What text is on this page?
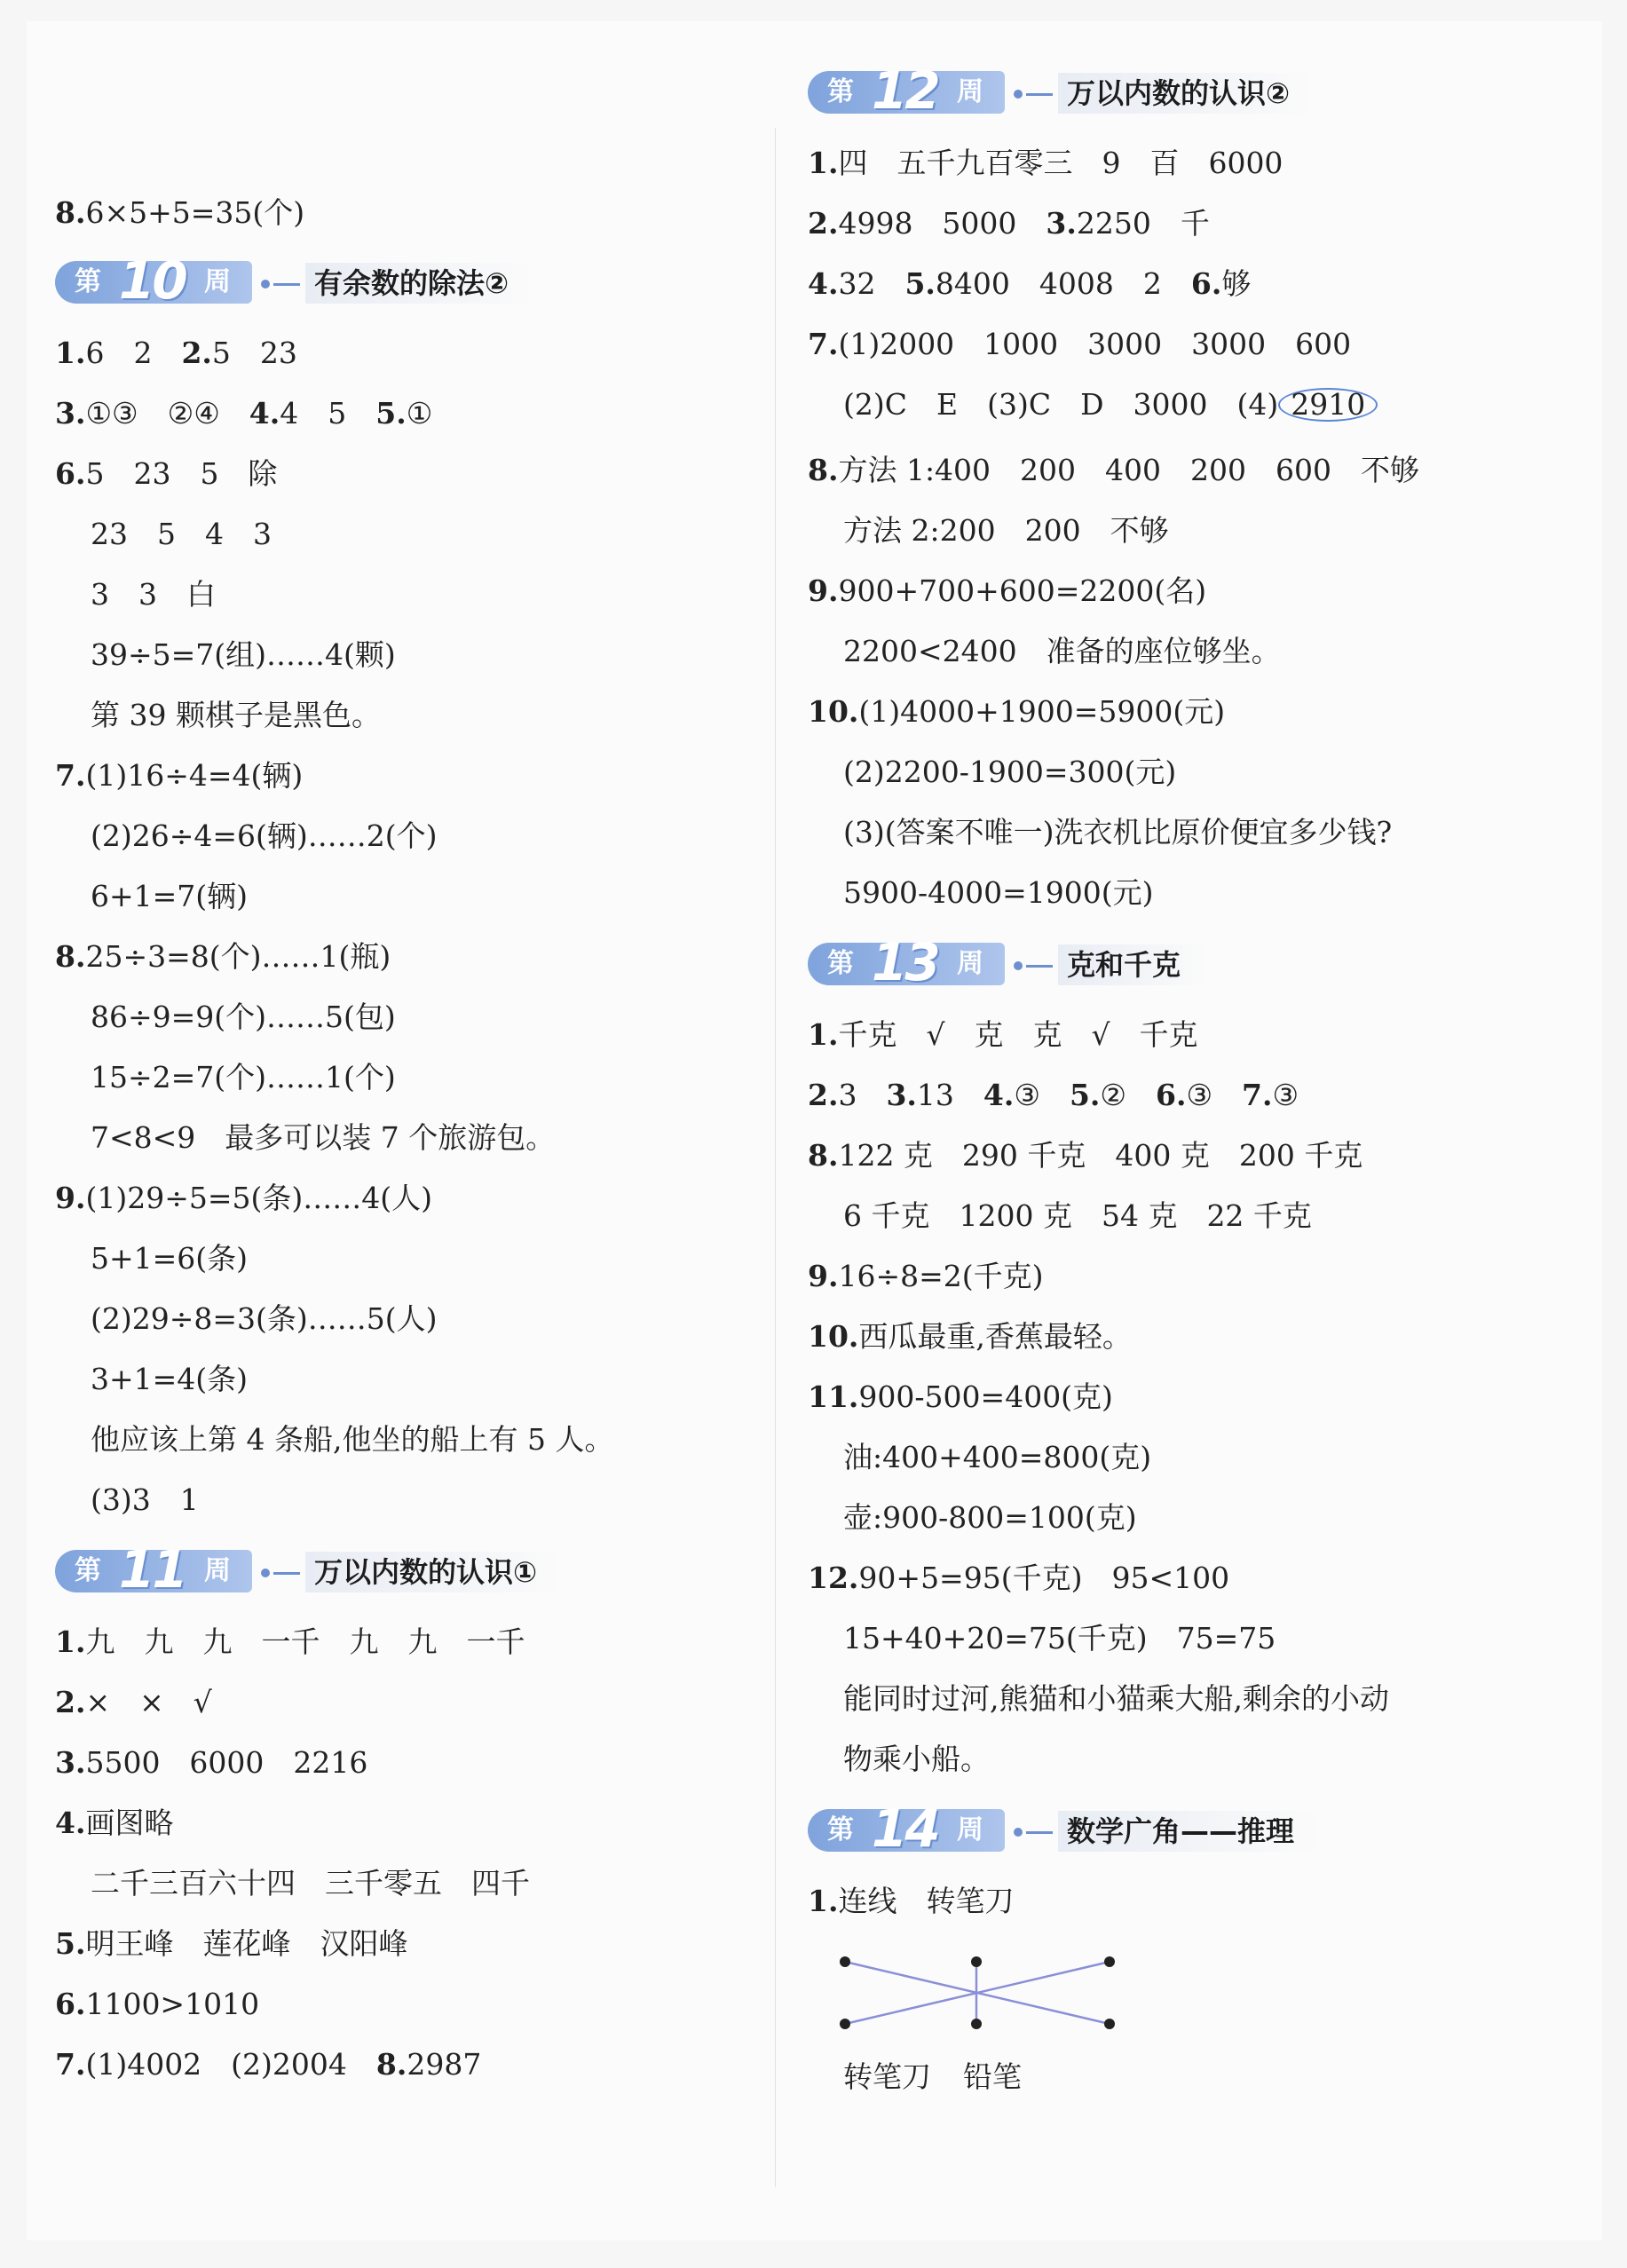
8.6×5+5=35(个)
第 10 周	有余数的除法②
1.6　2　2.5　23
3.①③　②④　4.4　5　5.①
6.5　23　5　除
23　5　4　3
3　3　白
39÷5=7(组)……4(颗)
第 39 颗棋子是黑色。
7.(1)16÷4=4(辆)
(2)26÷4=6(辆)……2(个)
6+1=7(辆)
8.25÷3=8(个)……1(瓶)
86÷9=9(个)……5(包)
15÷2=7(个)……1(个)
7<8<9　最多可以装 7 个旅游包。
9.(1)29÷5=5(条)……4(人)
5+1=6(条)
(2)29÷8=3(条)……5(人)
3+1=4(条)
他应该上第 4 条船,他坐的船上有 5 人。
(3)3　1
第 11 周	万以内数的认识①
1.九　九　九　一千　九　九　一千
2.×　×　√
3.5500　6000　2216
4.画图略
二千三百六十四　三千零五　四千
5.明王峰　莲花峰　汉阳峰
6.1100>1010
7.(1)4002　(2)2004　8.2987
第 12 周	万以内数的认识②
1.四　五千九百零三　9　百　6000
2.4998　5000　3.2250　千
4.32　5.8400　4008　2　6.够
7.(1)2000　1000　3000　3000　600
(2)C　E　(3)C　D　3000　(4) 2910
8.方法 1:400　200　400　200　600　不够
方法 2:200　200　不够
9.900+700+600=2200(名)
2200<2400　准备的座位够坐。
10.(1)4000+1900=5900(元)
(2)2200-1900=300(元)
(3)(答案不唯一)洗衣机比原价便宜多少钱?
5900-4000=1900(元)
第 13 周	克和千克
1.千克　√　克　克　√　千克
2.3　3.13　4.③　5.②　6.③　7.③
8.122 克　290 千克　400 克　200 千克
6 千克　1200 克　54 克　22 千克
9.16÷8=2(千克)
10.西瓜最重,香蕉最轻。
11.900-500=400(克)
油:400+400=800(克)
壶:900-800=100(克)
12.90+5=95(千克)　95<100
15+40+20=75(千克)　75=75
能同时过河,熊猫和小猫乘大船,剩余的小动
物乘小船。
第 14 周	数学广角——推理
1.连线　转笔刀
转笔刀 铅笔
